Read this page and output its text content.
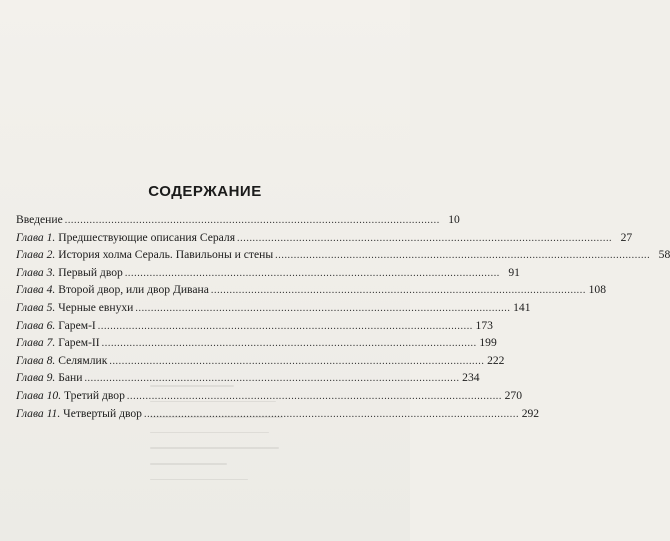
СОДЕРЖАНИЕ
Введение ......................................................................................................................... 10
Глава 1. Предшествующие описания Сераля ......................................................................................................................... 27
Глава 2. История холма Сераль. Павильоны и стены ......................................................................................................................... 58
Глава 3. Первый двор ......................................................................................................................... 91
Глава 4. Второй двор, или двор Дивана ......................................................................................................................... 108
Глава 5. Черные евнухи ......................................................................................................................... 141
Глава 6. Гарем-I ......................................................................................................................... 173
Глава 7. Гарем-II ......................................................................................................................... 199
Глава 8. Селямлик ......................................................................................................................... 222
Глава 9. Бани ......................................................................................................................... 234
Глава 10. Третий двор ......................................................................................................................... 270
Глава 11. Четвертый двор ......................................................................................................................... 292
